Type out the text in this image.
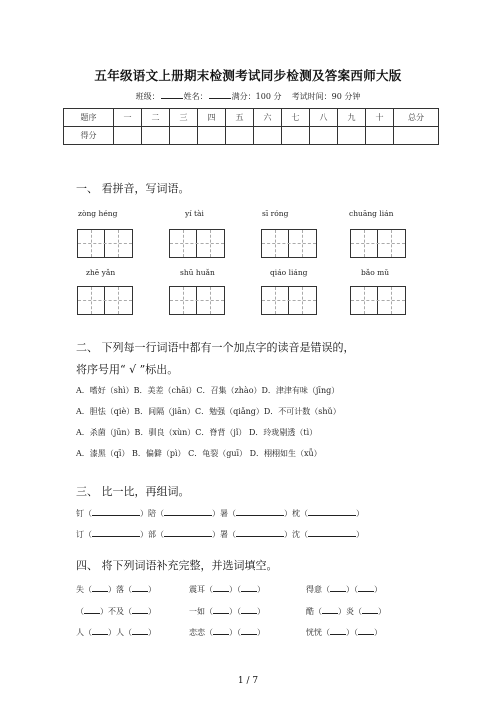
五年级语文上册期末检测考试同步检测及答案西师大版
班级：	姓名：	满分：100 分 考试时间：90 分钟
题序	一	二	三	四	五	六	七	八	九	十	总分
得分											
一、 看拼音，写词语。
zòng héng	yí tài	sī róng	chuāng lián
zhē yǎn	shū huǎn	qiáo liáng	bǎo mǔ
二、 下列每一行词语中都有一个加点字的读音是错误的，
将序号用“ √ ”标出。
A．嗜好（shì）B．美差（chāi）C．召集（zhào）D．津津有味（jīng）
A．胆怯（qiè）B．间隔（jiān）C．勉强（qiǎng）D．不可计数（shǔ）
A．杀菌（jūn）B．驯良（xùn）C．脊背（jǐ） D．玲珑剔透（tì）
A．漆黑（qī） B．偏僻（pì） C．龟裂（guī） D．栩栩如生（xǚ）
三、 比一比，再组词。
钉（	）陪（	）暑（	）枕（	）
订（	）部（	）署（	）沈（	）
四、 将下列词语补充完整，并选词填空。
失（ ）落（ ）	震耳（ ）（ ）	得意（ ）（ ）
（ ）不及（ ）	一如（ ）（ ）	酷（ ）炎（ ）
人（ ）人（ ）	恋恋（ ）（ ）	恍恍（ ）（ ）
1 / 7
